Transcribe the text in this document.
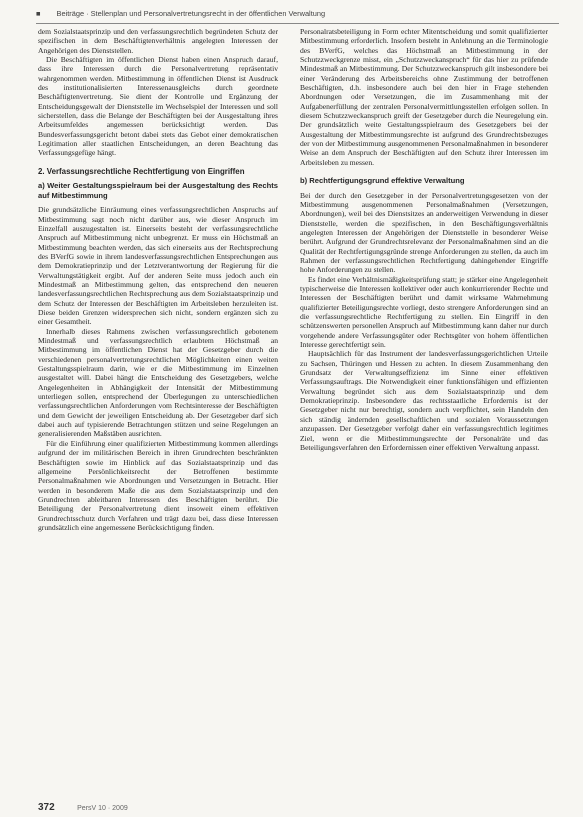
■ Beiträge · Stellenplan und Personalvertretungsrecht in der öffentlichen Verwaltung

dem Sozialstaatsprinzip und den verfassungsrechtlich begründeten Schutz der spezifischen in dem Beschäftigtenverhältnis angelegten Interessen der Angehörigen des Dienststellen.

Die Beschäftigten im öffentlichen Dienst haben einen Anspruch darauf, dass ihre Interessen durch die Personalvertretung repräsentativ wahrgenommen werden. Mitbestimmung in öffentlichen Dienst ist Ausdruck des institutionalisierten Interessenausgleichs durch geordnete Beschäftigtenvertretung. Sie dient der Kontrolle und Ergänzung der Entscheidungsgewalt der Dienststelle im Wechselspiel der Interessen und soll sicherstellen, dass die Belange der Beschäftigten bei der Ausgestaltung ihres Arbeitsumfeldes angemessen berücksichtigt werden. Das Bundesverfassungsgericht betont dabei stets das Gebot einer demokratischen Legitimation aller staatlichen Entscheidungen, an deren Beachtung das Verfassungsgefüge hängt.

2. Verfassungsrechtliche Rechtfertigung von Eingriffen
a) Weiter Gestaltungsspielraum bei der Ausgestaltung des Rechts auf Mitbestimmung

Die grundsätzliche Einräumung eines verfassungsrechtlichen Anspruchs auf Mitbestimmung sagt noch nicht darüber aus, wie dieser Anspruch im Einzelfall auszugestalten ist. Einerseits besteht der verfassungsrechtliche Anspruch auf Mitbestimmung nicht unbegrenzt. Er muss ein Höchstmaß an Mitbestimmung beachten werden, das sich einerseits aus der Rechtsprechung des BVerfG sowie in ihrem landesverfassungsrechtlichen Entsprechungen aus dem Demokratieprinzip und der Letztverantwortung der Regierung für die Verwaltungstätigkeit ergibt. Auf der anderen Seite muss jedoch auch ein Mindestmaß an Mitbestimmung gelten, das entsprechend den neueren landesverfassungsrechtlichen Rechtsprechung aus dem Sozialstaatsprinzip und dem Schutz der Interessen der Beschäftigten im Arbeitsleben herzuleiten ist. Diese beiden Grenzen widersprechen sich nicht, sondern ergänzen sich zu einer Gesamtheit.

Innerhalb dieses Rahmens zwischen verfassungsrechtlich gebotenem Mindestmaß und verfassungsrechtlich erlaubtem Höchstmaß an Mitbestimmung im öffentlichen Dienst hat der Gesetzgeber durch die verschiedenen personalvertretungsrechtlichen Möglichkeiten einen weiten Gestaltungsspielraum darin, wie er die Mitbestimmung im Einzelnen ausgestaltet will. Dabei hängt die Entscheidung des Gesetzgebers, welche Angelegenheiten in Abhängigkeit der Intensität der Mitbestimmung unterliegen sollen, entsprechend der Überlegungen zu unterschiedlichen verfassungsrechtlichen Anforderungen vom Rechtsinteresse der Beschäftigten und dem Gewicht der jeweiligen Entscheidung ab. Der Gesetzgeber darf sich dabei auch auf typisierende Betrachtungen stützen und seine Regelungen an generalisierenden Maßstäben ausrichten.

Für die Einführung einer qualifizierten Mitbestimmung kommen allerdings aufgrund der im militärischen Bereich in ihren Grundrechten beschränkten Beschäftigten sowie im Hinblick auf das Sozialstaatsprinzip und das allgemeine Persönlichkeitsrecht der Betroffenen bestimmte Personalmaßnahmen wie Abordnungen und Versetzungen in Betracht. Hier werden in besonderem Maße die aus dem Sozialstaatsprinzip und den Grundrechten ableitbaren Interessen des Beschäftigten berührt. Die Beteiligung der Personalvertretung dient insoweit einem effektiven Grundrechtsschutz durch Verfahren und trägt dazu bei, dass diese Interessen grundsätzlich eine angemessene Berücksichtigung finden.

Personalratsbeteiligung in Form echter Mitentscheidung und somit qualifizierter Mitbestimmung erforderlich. Insofern besteht in Anlehnung an die Terminologie des BVerfG, welches das Höchstmaß an Mitbestimmung in der Schutzzweckgrenze misst, ein „Schutzzweckanspruch“ für das hier zu prüfende Mindestmaß an Mitbestimmung. Der Schutzzweckanspruch gilt insbesondere bei einer Veränderung des Arbeitsbereichs ohne Zustimmung der betroffenen Beschäftigten, d.h. insbesondere auch bei den hier in Frage stehenden Abordnungen oder Versetzungen, die im Zusammenhang mit der Aufgabenerfüllung der zentralen Personalvermittlungsstellen erfolgen sollen. In diesem Schutzzweckanspruch greift der Gesetzgeber durch die Neuregelung ein. Der grundsätzlich weite Gestaltungsspielraum des Gesetzgebers bei der Ausgestaltung der Mitbestimmungsrechte ist aufgrund des Grundrechtsbezuges der von der Mitbestimmung ausgenommenen Personalmaßnahmen in besonderer Weise an dem Anspruch der Beschäftigten auf den Schutz ihrer Interessen im Arbeitsleben zu messen.

b) Rechtfertigungsgrund effektive Verwaltung

Bei der durch den Gesetzgeber in der Personalvertretungsgesetzen von der Mitbestimmung ausgenommenen Personalmaßnahmen (Versetzungen, Abordnungen), weil bei des Dienstsitzes an anderweitigen Verwendung in dieser Dienststelle, werden die spezifischen, in den Beschäftigungsverhältnis angelegten Interessen der Angehörigen der Dienststelle in besonderer Weise berührt. Aufgrund der Grundrechtsrelevanz der Personalmaßnahmen sind an die Qualität der Rechtfertigungsgründe strenge Anforderungen zu stellen, da auch im Rahmen der verfassungsrechtlichen Rechtfertigung dahingehender Eingriffe hohe Anforderungen zu stellen.

Es findet eine Verhältnismäßigkeitsprüfung statt; je stärker eine Angelegenheit typischerweise die Interessen kollektiver oder auch konkurrierender Rechte und Interessen der Beschäftigten berührt und damit wirksame Wahrnehmung qualifizierter Beteiligungsrechte vorliegt, desto strengere Anforderungen sind an die verfassungsrechtliche Rechtfertigung zu stellen. Ein Eingriff in den schützenswerten personellen Anspruch auf Mitbestimmung kann daher nur durch vorgehende andere Verfassungsgüter oder Rechtsgüter von hohem öffentlichen Interesse gerechtfertigt sein.

Hauptsächlich für das Instrument der landesverfassungsgerichtlichen Urteile zu Sachsen, Thüringen und Hessen zu achten. In diesem Zusammenhang den Grundsatz der Verwaltungseffizienz im Sinne einer effektiven Verfassungsauftrags. Die Notwendigkeit einer funktionsfähigen und effizienten Verwaltung begründet sich aus dem Sozialstaatsprinzip und dem Demokratieprinzip. Insbesondere das rechtsstaatliche Erfordernis ist der Gesetzgeber nicht nur berechtigt, sondern auch verpflichtet, sein Handeln den sich ständig ändernden gesellschaftlichen und sozialen Voraussetzungen anzupassen. Der Gesetzgeber verfolgt daher ein verfassungsrechtlich legitimes Ziel, wenn er die Mitbestimmungsrechte der Personalräte und das Beteiligungsverfahren den Erfordernissen einer effektiven Verwaltung anpasst.

372	PersV 10 · 2009
